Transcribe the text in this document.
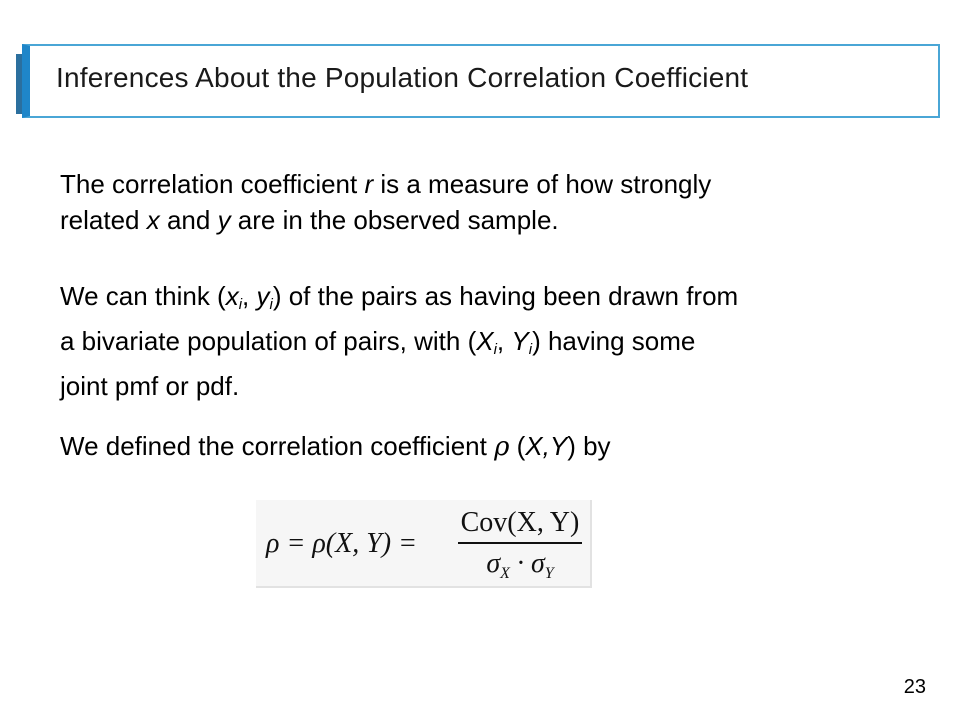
Inferences About the Population Correlation Coefficient
The correlation coefficient r is a measure of how strongly
related x and y are in the observed sample.
We can think ($x_i$, $y_i$) of the pairs as having been drawn from
a bivariate population of pairs, with ($X_i$, $Y_i$) having some
joint pmf or pdf.
We defined the correlation coefficient ρ (X,Y) by
ρ = ρ(X, Y) =
Cov(X, Y)
$\sigma_X \cdot \sigma_Y$
23
